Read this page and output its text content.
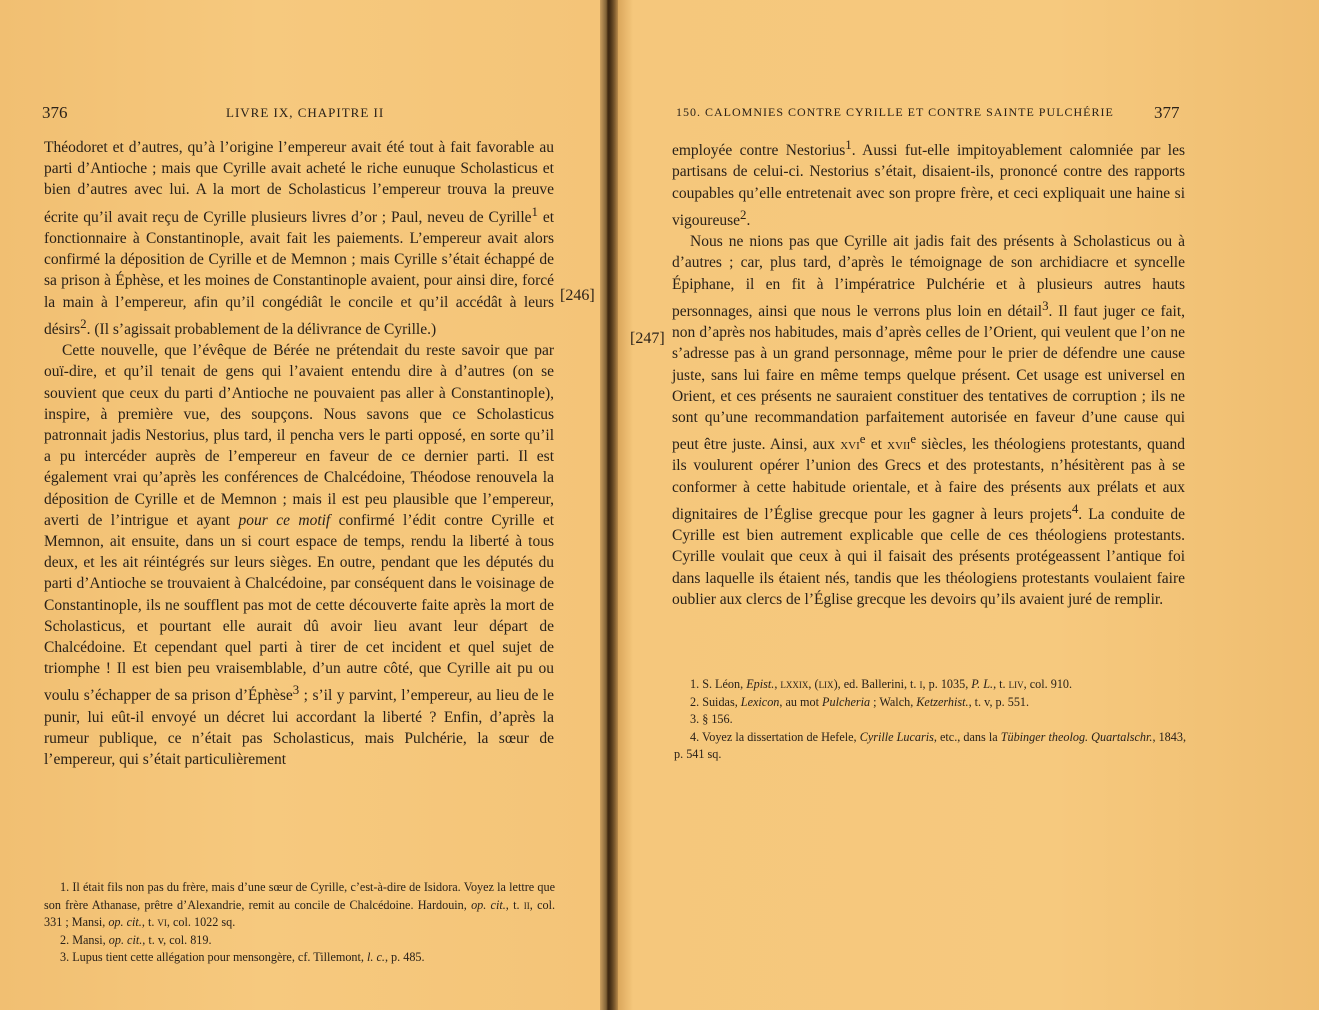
376	LIVRE IX, CHAPITRE II

Théodoret et d’autres, qu’à l’origine l’empereur avait été tout à fait favorable au parti d’Antioche ; mais que Cyrille avait acheté le riche eunuque Scholasticus et bien d’autres avec lui. A la mort de Scholasticus l’empereur trouva la preuve écrite qu’il avait reçu de Cyrille plusieurs livres d’or ; Paul, neveu de Cyrille$^1$ et fonctionnaire à Constantinople, avait fait les paiements. L’empereur avait alors confirmé la déposition de Cyrille et de Memnon ; mais Cyrille s’était échappé de sa prison à Éphèse, et les moines de Constantinople avaient, pour ainsi dire, forcé la main à l’empereur, afin qu’il congédiât le concile et qu’il accédât à leurs désirs$^2$. (Il s’agissait probablement de la délivrance de Cyrille.)

Cette nouvelle, que l’évêque de Bérée ne prétendait du reste savoir que par ouï-dire, et qu’il tenait de gens qui l’avaient entendu dire à d’autres (on se souvient que ceux du parti d’Antioche ne pouvaient pas aller à Constantinople), inspire, à première vue, des soupçons. Nous savons que ce Scholasticus patronnait jadis Nestorius, plus tard, il pencha vers le parti opposé, en sorte qu’il a pu intercéder auprès de l’empereur en faveur de ce dernier parti. Il est également vrai qu’après les conférences de Chalcédoine, Théodose renouvela la déposition de Cyrille et de Memnon ; mais il est peu plausible que l’empereur, averti de l’intrigue et ayant pour ce motif confirmé l’édit contre Cyrille et Memnon, ait ensuite, dans un si court espace de temps, rendu la liberté à tous deux, et les ait réintégrés sur leurs sièges. En outre, pendant que les députés du parti d’Antioche se trouvaient à Chalcédoine, par conséquent dans le voisinage de Constantinople, ils ne soufflent pas mot de cette découverte faite après la mort de Scholasticus, et pourtant elle aurait dû avoir lieu avant leur départ de Chalcédoine. Et cependant quel parti à tirer de cet incident et quel sujet de triomphe ! Il est bien peu vraisemblable, d’un autre côté, que Cyrille ait pu ou voulu s’échapper de sa prison d’Éphèse$^3$ ; s’il y parvint, l’empereur, au lieu de le punir, lui eût-il envoyé un décret lui accordant la liberté ? Enfin, d’après la rumeur publique, ce n’était pas Scholasticus, mais Pulchérie, la sœur de l’empereur, qui s’était particulièrement

1. Il était fils non pas du frère, mais d’une sœur de Cyrille, c’est-à-dire de Isidora. Voyez la lettre que son frère Athanase, prêtre d’Alexandrie, remit au concile de Chalcédoine. Hardouin, op. cit., t. ii, col. 331 ; Mansi, op. cit., t. vi, col. 1022 sq.

2. Mansi, op. cit., t. v, col. 819.

3. Lupus tient cette allégation pour mensongère, cf. Tillemont, l. c., p. 485.

[246]
150. CALOMNIES CONTRE CYRILLE ET CONTRE SAINTE PULCHÉRIE 377

employée contre Nestorius$^1$. Aussi fut-elle impitoyablement calomniée par les partisans de celui-ci. Nestorius s’était, disaient-ils, prononcé contre des rapports coupables qu’elle entretenait avec son propre frère, et ceci expliquait une haine si vigoureuse$^2$.

Nous ne nions pas que Cyrille ait jadis fait des présents à Scholasticus ou à d’autres ; car, plus tard, d’après le témoignage de son archidiacre et syncelle Épiphane, il en fit à l’impératrice Pulchérie et à plusieurs autres hauts personnages, ainsi que nous le verrons plus loin en détail$^3$. Il faut juger ce fait, non d’après nos habitudes, mais d’après celles de l’Orient, qui veulent que l’on ne s’adresse pas à un grand personnage, même pour le prier de défendre une cause juste, sans lui faire en même temps quelque présent. Cet usage est universel en Orient, et ces présents ne sauraient constituer des tentatives de corruption ; ils ne sont qu’une recommandation parfaitement autorisée en faveur d’une cause qui peut être juste. Ainsi, aux xvi$^e$ et xvii$^e$ siècles, les théologiens protestants, quand ils voulurent opérer l’union des Grecs et des protestants, n’hésitèrent pas à se conformer à cette habitude orientale, et à faire des présents aux prélats et aux dignitaires de l’Église grecque pour les gagner à leurs projets$^4$. La conduite de Cyrille est bien autrement explicable que celle de ces théologiens protestants. Cyrille voulait que ceux à qui il faisait des présents protégeassent l’antique foi dans laquelle ils étaient nés, tandis que les théologiens protestants voulaient faire oublier aux clercs de l’Église grecque les devoirs qu’ils avaient juré de remplir.

1. S. Léon, Epist., lxxix, (lix), ed. Ballerini, t. i, p. 1035, P. L., t. liv, col. 910.

2. Suidas, Lexicon, au mot Pulcheria ; Walch, Ketzerhist., t. v, p. 551.

3. § 156.

4. Voyez la dissertation de Hefele, Cyrille Lucaris, etc., dans la Tübinger theolog. Quartalschr., 1843, p. 541 sq.

[247]
